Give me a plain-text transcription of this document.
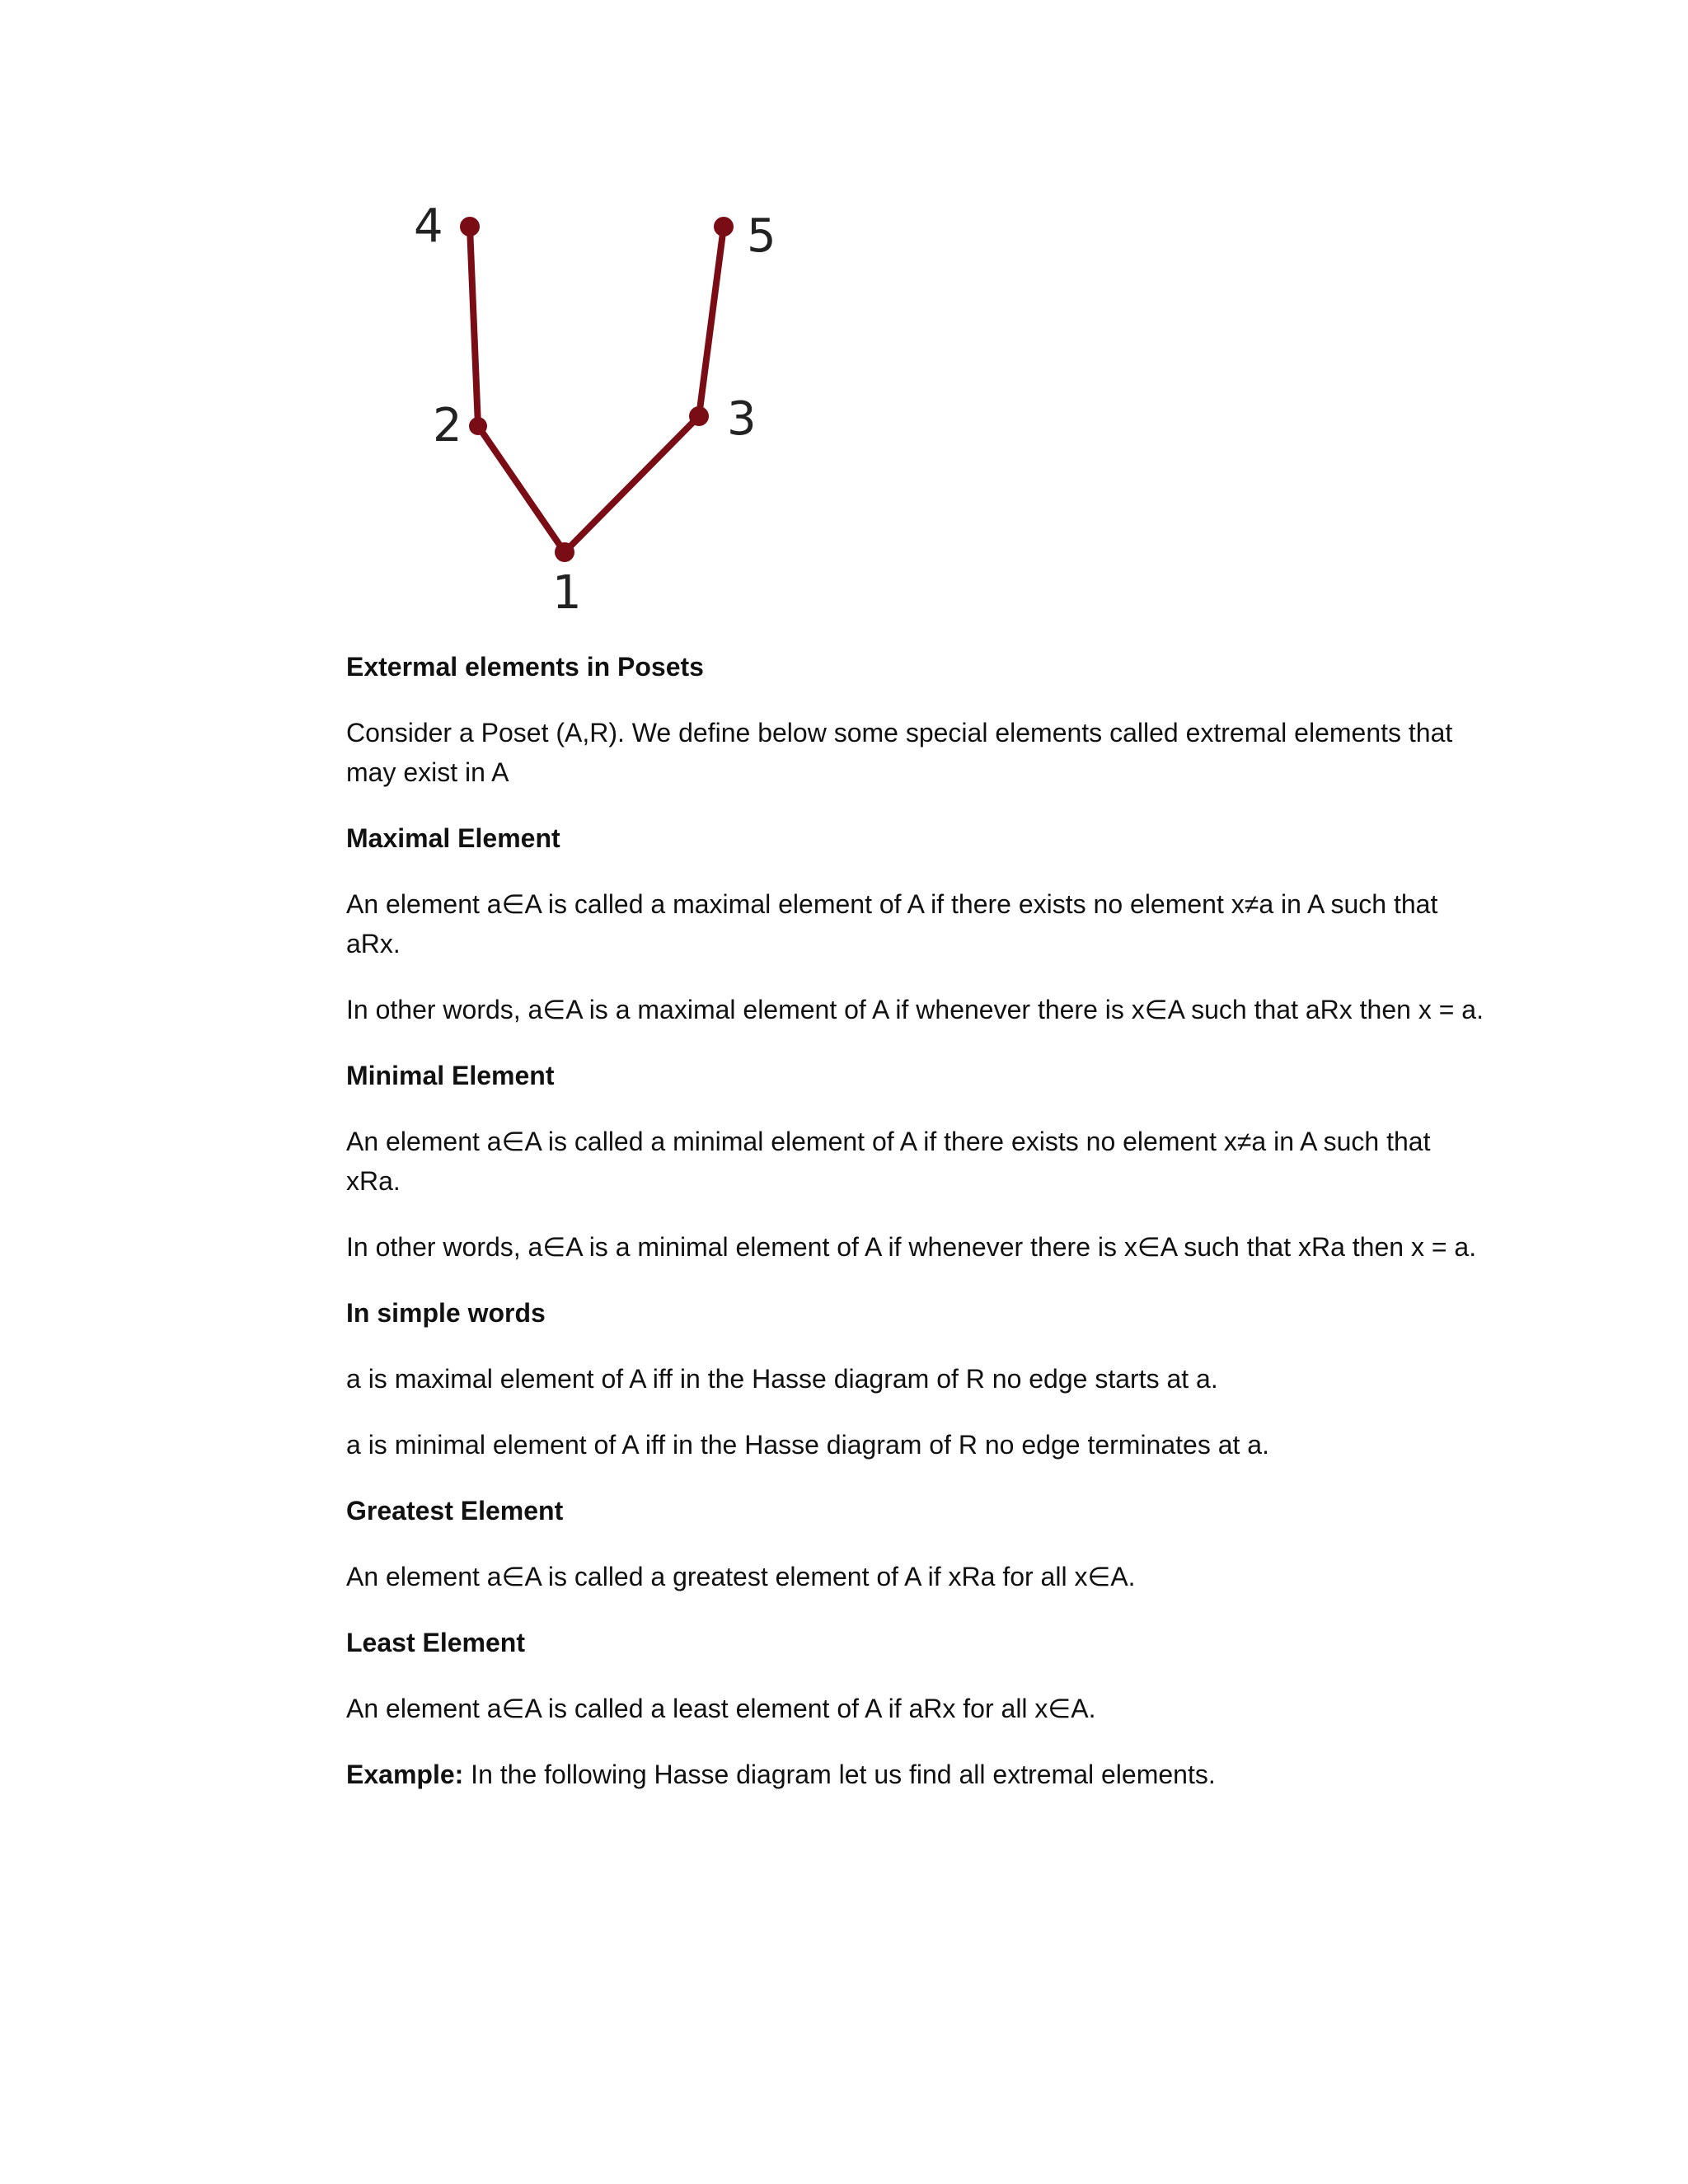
1
2	3
4	5

Extermal elements in Posets

Consider a Poset (A,R). We define below some special elements called extremal elements that may exist in A

Maximal Element

An element a∈A is called a maximal element of A if there exists no element x≠a in A such that aRx.

In other words, a∈A is a maximal element of A if whenever there is x∈A such that aRx then x = a.

Minimal Element

An element a∈A is called a minimal element of A if there exists no element x≠a in A such that xRa.

In other words, a∈A is a minimal element of A if whenever there is x∈A such that xRa then x = a.

In simple words

a is maximal element of A iff in the Hasse diagram of R no edge starts at a.

a is minimal element of A iff in the Hasse diagram of R no edge terminates at a.

Greatest Element

An element a∈A is called a greatest element of A if xRa for all x∈A.

Least Element

An element a∈A is called a least element of A if aRx for all x∈A.

Example: In the following Hasse diagram let us find all extremal elements.
